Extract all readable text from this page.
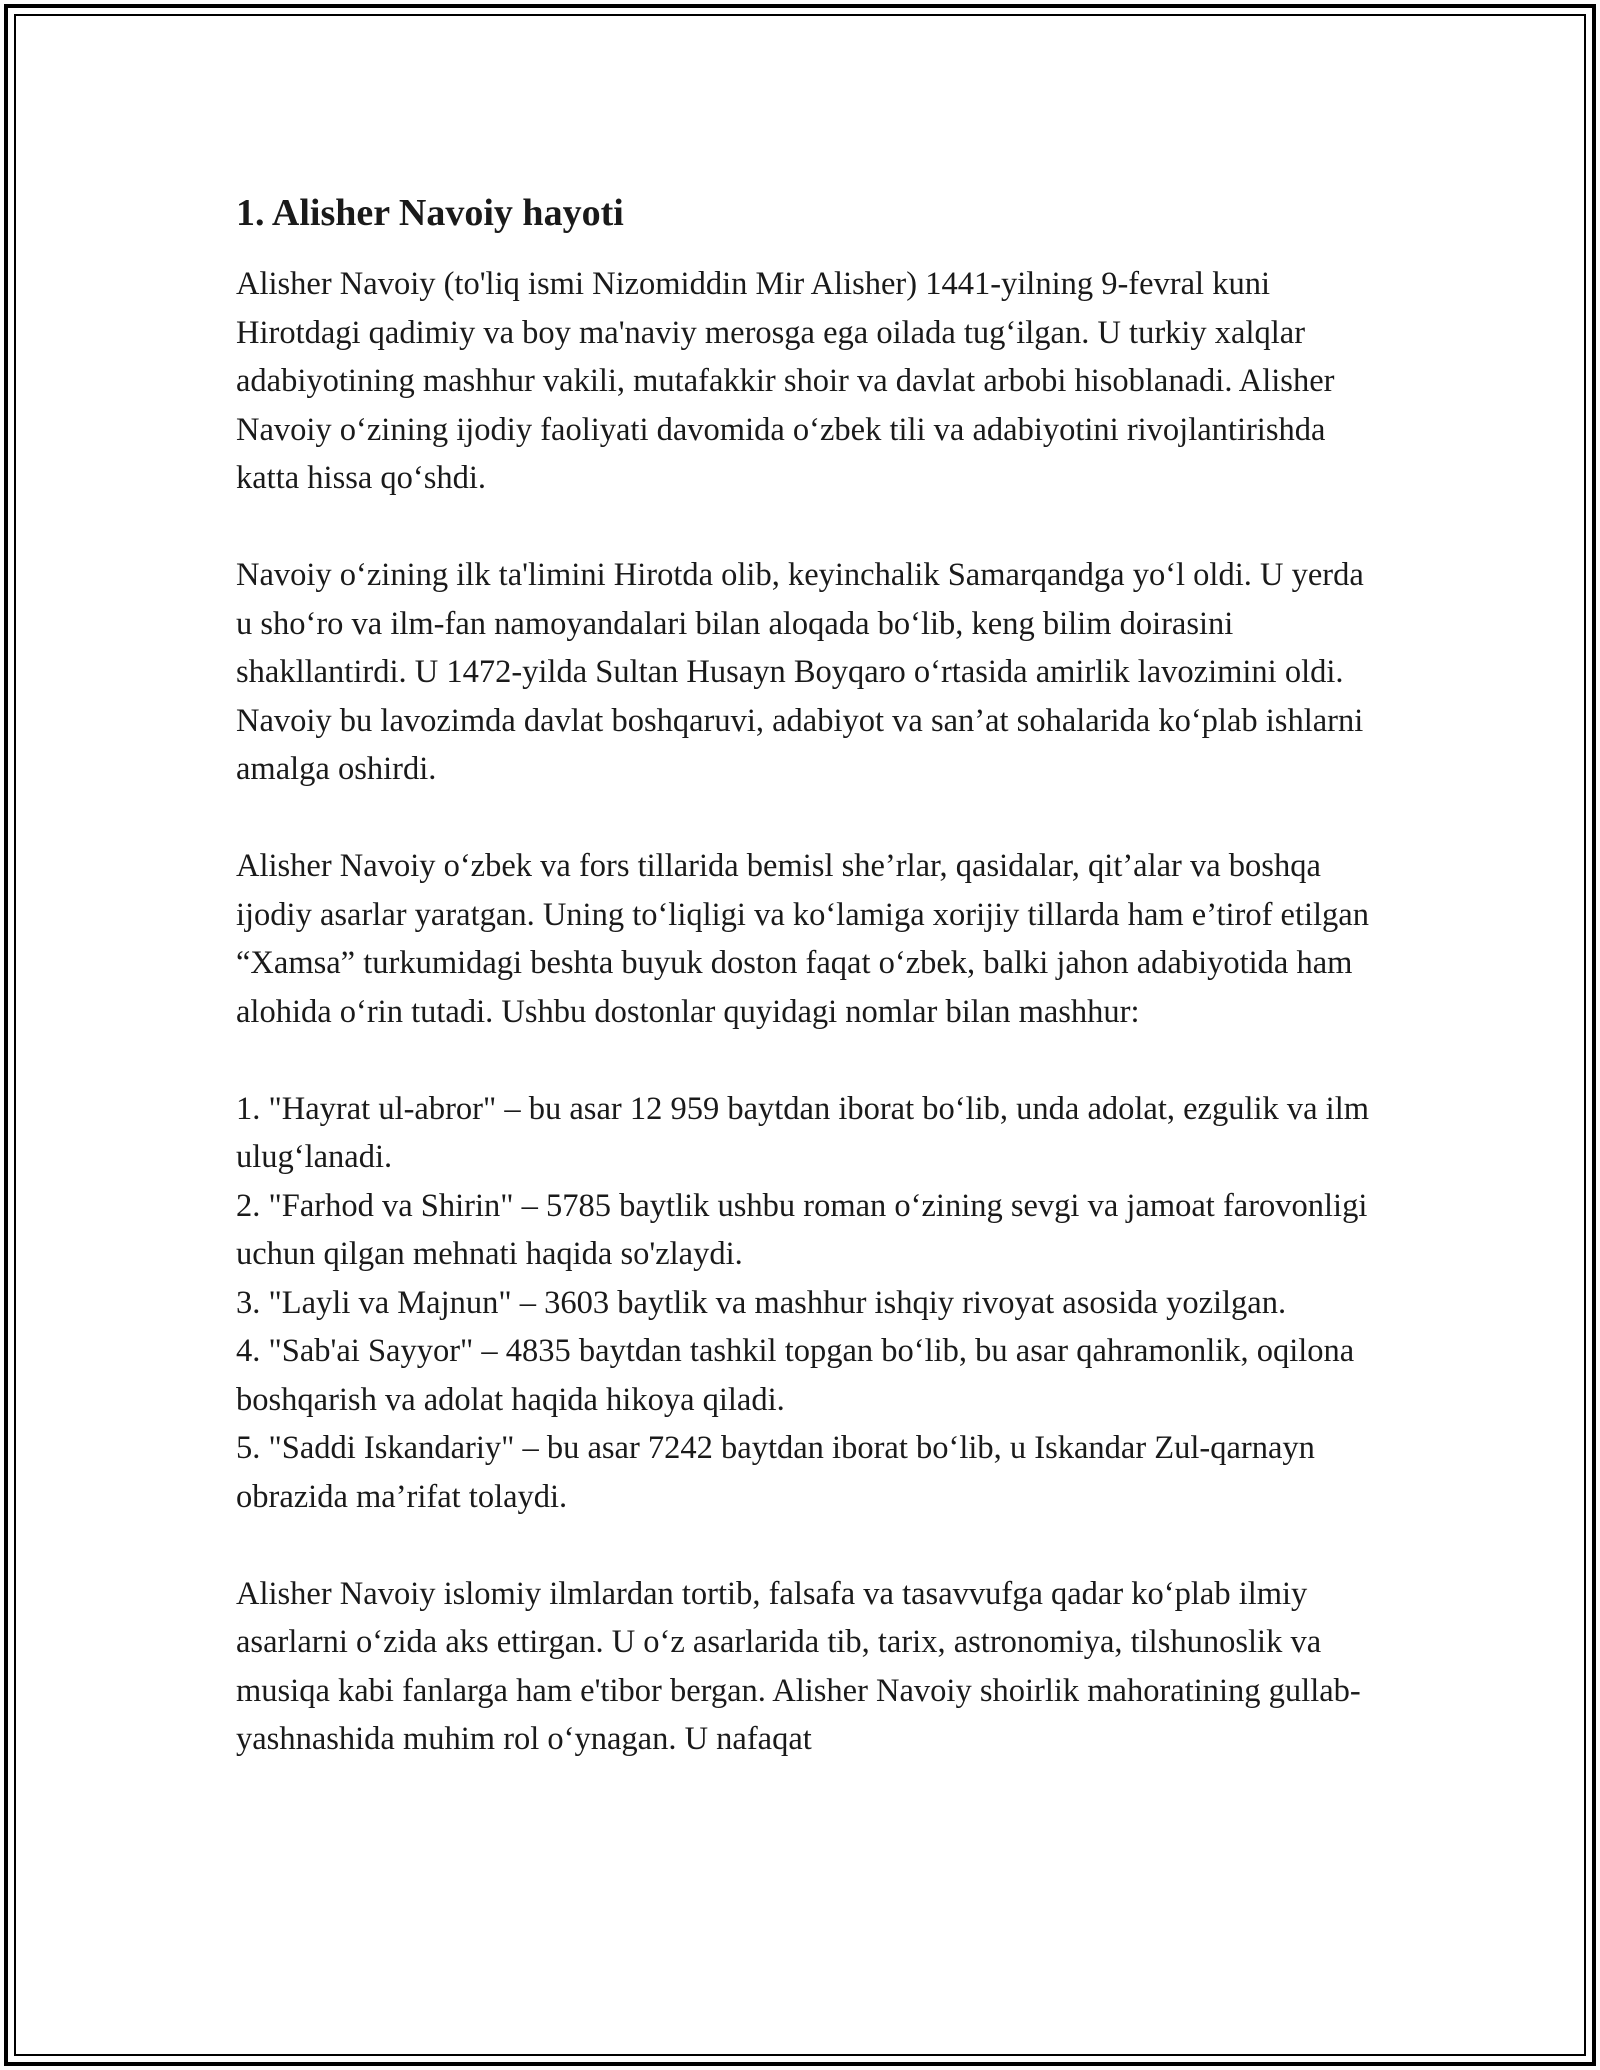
1. Alisher Navoiy hayoti

Alisher Navoiy (to'liq ismi Nizomiddin Mir Alisher) 1441-yilning 9-fevral kuni Hirotdagi qadimiy va boy ma'naviy merosga ega oilada tug‘ilgan. U turkiy xalqlar adabiyotining mashhur vakili, mutafakkir shoir va davlat arbobi hisoblanadi. Alisher Navoiy o‘zining ijodiy faoliyati davomida o‘zbek tili va adabiyotini rivojlantirishda katta hissa qo‘shdi.

Navoiy o‘zining ilk ta'limini Hirotda olib, keyinchalik Samarqandga yo‘l oldi. U yerda u sho‘ro va ilm-fan namoyandalari bilan aloqada bo‘lib, keng bilim doirasini shakllantirdi. U 1472-yilda Sultan Husayn Boyqaro o‘rtasida amirlik lavozimini oldi. Navoiy bu lavozimda davlat boshqaruvi, adabiyot va san’at sohalarida ko‘plab ishlarni amalga oshirdi.

Alisher Navoiy o‘zbek va fors tillarida bemisl she’rlar, qasidalar, qit’alar va boshqa ijodiy asarlar yaratgan. Uning to‘liqligi va ko‘lamiga xorijiy tillarda ham e’tirof etilgan “Xamsa” turkumidagi beshta buyuk doston faqat o‘zbek, balki jahon adabiyotida ham alohida o‘rin tutadi. Ushbu dostonlar quyidagi nomlar bilan mashhur:

1. "Hayrat ul-abror" – bu asar 12 959 baytdan iborat bo‘lib, unda adolat, ezgulik va ilm ulug‘lanadi.

2. "Farhod va Shirin" – 5785 baytlik ushbu roman o‘zining sevgi va jamoat farovonligi uchun qilgan mehnati haqida so'zlaydi.

3. "Layli va Majnun" – 3603 baytlik va mashhur ishqiy rivoyat asosida yozilgan.

4. "Sab'ai Sayyor" – 4835 baytdan tashkil topgan bo‘lib, bu asar qahramonlik, oqilona boshqarish va adolat haqida hikoya qiladi.

5. "Saddi Iskandariy" – bu asar 7242 baytdan iborat bo‘lib, u Iskandar Zul-qarnayn obrazida ma’rifat tolaydi.

Alisher Navoiy islomiy ilmlardan tortib, falsafa va tasavvufga qadar ko‘plab ilmiy asarlarni o‘zida aks ettirgan. U o‘z asarlarida tib, tarix, astronomiya, tilshunoslik va musiqa kabi fanlarga ham e'tibor bergan. Alisher Navoiy shoirlik mahoratining gullab-yashnashida muhim rol o‘ynagan. U nafaqat
